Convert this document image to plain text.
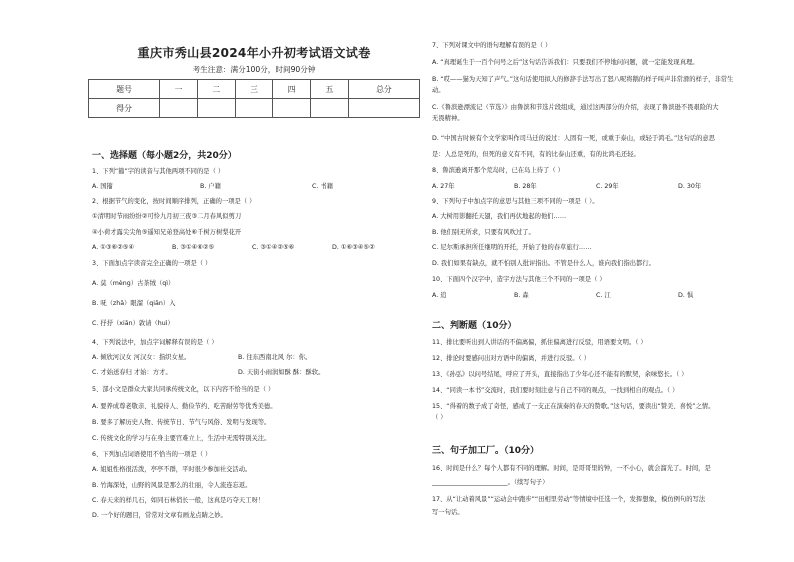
重庆市秀山县2024年小升初考试语文试卷
考生注意：满分100分，时间90分钟
题号	一	二	三	四	五	总分
得分						
一、选择题（每小题2分，共20分）
1、下列“籀”字的读音与其他两项不同的是（ ）
A. 国籀	B. 户籍	C. 书籍
2、根据节气的变化，按时间顺序排列，正确的一项是（ ）
①清明时节雨纷纷②可怜九月初三夜③二月春风似剪刀
④小荷才露尖尖角⑤遥知兄弟登高处⑥千树万树梨花开
A. ①③⑥②⑤④	B. ③①④⑥②⑤	C. ③①④②⑤⑥	D. ①⑥③④⑤②
3、下面加点字读音完全正确的一项是（ ）
A. 莫（mèng）古茶绒（qì）
B. 呒（zhā）眼溜（qiān）入
C. 抒抒（xiān）敦请（huì）
4、下列说法中，加点字词解释有误的是（ ）
A. 倾欣河汉女 河汉女：指织女星。	B. 往东西南北风 尔：你。
C. 才始送春归 才始：方才。	D. 天街小雨润如酥 酥：酥软。
5、部小文是群众大家共同承传统文化，以下内容不恰当的是（ ）
A. 要养成尊老敬亲、礼貌待人、勤俭节约、吃苦耐劳等优秀美德。
B. 要多了解历史人物、传统节日、节气与风俗、发明与发现等。
C. 传统文化的学习与在身主要官难立上，生活中无需特别关注。
6、下列加点词语使用不恰当的一项是（ ）
A. 姐姐性格很活泼，亭亭不群，平时很少参加社交活动。
B. 竹海深处，山野的风景是那么的壮丽，令人流连忘返。
C. 春天来的样几石，如同石林俏长一般，这真是巧夺天工呀！
D. 一个好的题目，常常对文章有画龙点睛之妙。
7、下列对课文中的语句理解有误的是（ ）
A. “真理诞生于一百个问号之后”这句话告诉我们：只要我们不停地问问题，就一定能发现真理。
B. “哎——猫为天知了声气。”这句话使用拟人的修辞手法写出了怒八呢将鹅的样子叫声非常滑的样子，非常生
动。
C.《鲁滨逊漂流记（节选）》由鲁滨和节选片段组成，通过这两部分的介绍，表现了鲁滨逊不畏艰险的大
无畏精神。
D. “中国古时候有个文学家叫作司马迁的说过：人固有一死，或重于泰山，或轻于鸿毛。”这句话的意思
是：人总是死的，但死的意义有不同，有的比泰山还重，有的比鸿毛还轻。
8、鲁滨逊离开那个荒岛时，已在岛上待了（ ）
A. 27年	B. 28年	C. 29年	D. 30年
9、下列句子中加点字的意思与其他三项不同的一项是（ ）。
A. 大树用影翻托天翅，我们再伏地起的他们……
B. 他们别无所求，只要有风吹过了。
C. 尼尔斯承担所任继明的开托，开始了他的春草旅行……
D. 我们如果有缺点，就不怕别人批评指出。不管是什么人，谁向我们指出都行。
10、下面四个汉字中，造字方法与其他三个不同的一项是（ ）
A. 追	B. 森	C. 江	D. 惧
二、判断题（10分）
11、排比要听出到人讲话的不偏离偏，抓住偏离进行反驳，用语要文明。（ ）
12、排论时要感问出对方语中的偏离，并进行反驳。（ ）
13、《孙弘》以问号结尾，呼应了开头，直接指出了少年心还不能有的默契，余味悠长。（ ）
14、“同读一本书”交流时，我们要时刻注意与自己不同的观点，一找到相自的观点。（ ）
15、“得着的数子成了奇怪，感成了一支正在演奏的春天的赞歌。”这句话，要读出“赞美、喜悦”之情。
（ ）
三、句子加工厂。（10分）
16、时间是什么？每个人都有不同的理解。时间，是哥哥里的钟，一不小心，就会溜光了。时间，是
________________________。（续写句子）
17、从“让动着风景”“运动会中跑步”“田相里劳动”等情境中任选一个，发挥想象，模仿例句的写法
写一句话。
